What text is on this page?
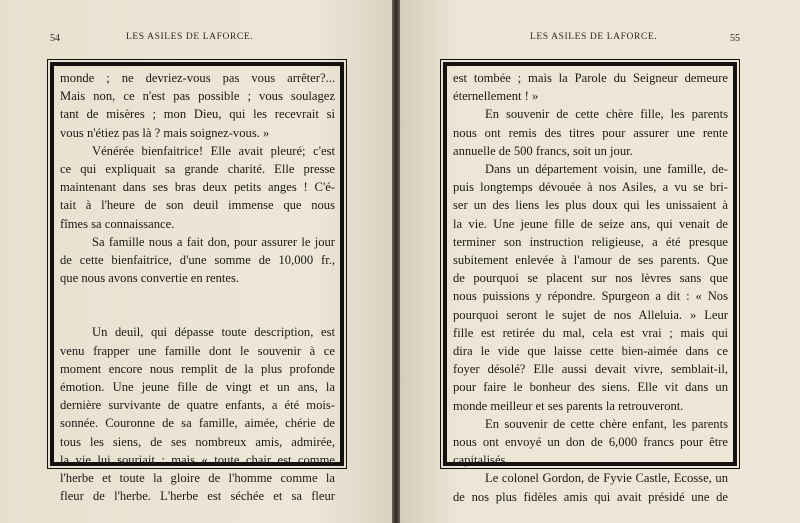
54	LES ASILES DE LAFORCE.
monde ; ne devriez-vous pas vous arrêter?...
Mais non, ce n'est pas possible ; vous soulagez
tant de misères ; mon Dieu, qui les recevrait si
vous n'étiez pas là ? mais soignez-vous. »
Vénérée bienfaitrice! Elle avait pleuré; c'est
ce qui expliquait sa grande charité. Elle presse
maintenant dans ses bras deux petits anges ! C'é-
tait à l'heure de son deuil immense que nous
fîmes sa connaissance.
Sa famille nous a fait don, pour assurer le jour
de cette bienfaitrice, d'une somme de 10,000 fr.,
que nous avons convertie en rentes.
Un deuil, qui dépasse toute description, est
venu frapper une famille dont le souvenir à ce
moment encore nous remplit de la plus profonde
émotion. Une jeune fille de vingt et un ans, la
dernière survivante de quatre enfants, a été mois-
sonnée. Couronne de sa famille, aimée, chérie de
tous les siens, de ses nombreux amis, admirée,
la vie lui souriait ; mais « toute chair est comme
l'herbe et toute la gloire de l'homme comme la
fleur de l'herbe. L'herbe est séchée et sa fleur
LES ASILES DE LAFORCE.	55
est tombée ; mais la Parole du Seigneur demeure
éternellement ! »
En souvenir de cette chère fille, les parents
nous ont remis des titres pour assurer une rente
annuelle de 500 francs, soit un jour.
Dans un département voisin, une famille, de-
puis longtemps dévouée à nos Asiles, a vu se bri-
ser un des liens les plus doux qui les unissaient à
la vie. Une jeune fille de seize ans, qui venait de
terminer son instruction religieuse, a été presque
subitement enlevée à l'amour de ses parents. Que
de pourquoi se placent sur nos lèvres sans que
nous puissions y répondre. Spurgeon a dit : « Nos
pourquoi seront le sujet de nos Alleluia. » Leur
fille est retirée du mal, cela est vrai ; mais qui
dira le vide que laisse cette bien-aimée dans ce
foyer désolé? Elle aussi devait vivre, semblait-il,
pour faire le bonheur des siens. Elle vit dans un
monde meilleur et ses parents la retrouveront.
En souvenir de cette chère enfant, les parents
nous ont envoyé un don de 6,000 francs pour être
capitalisés.
Le colonel Gordon, de Fyvie Castle, Ecosse, un
de nos plus fidèles amis qui avait présidé une de
